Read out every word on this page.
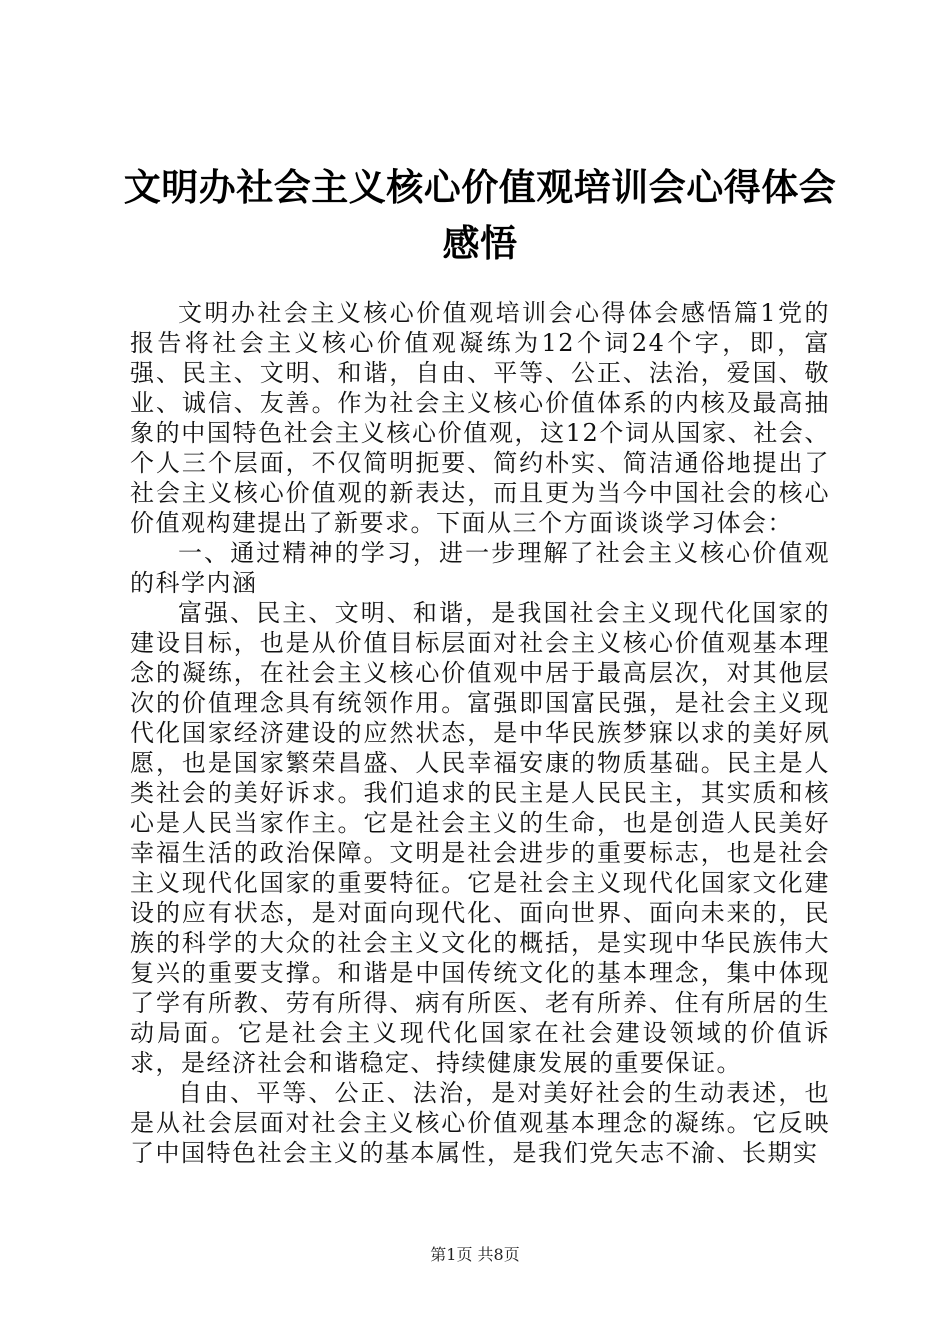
文明办社会主义核心价值观培训会心得体会感悟

文明办社会主义核心价值观培训会心得体会感悟篇1党的报告将社会主义核心价值观凝练为12个词24个字，即，富强、民主、文明、和谐，自由、平等、公正、法治，爱国、敬业、诚信、友善。作为社会主义核心价值体系的内核及最高抽象的中国特色社会主义核心价值观，这12个词从国家、社会、个人三个层面，不仅简明扼要、简约朴实、简洁通俗地提出了社会主义核心价值观的新表达，而且更为当今中国社会的核心价值观构建提出了新要求。下面从三个方面谈谈学习体会：

一、通过精神的学习，进一步理解了社会主义核心价值观的科学内涵

富强、民主、文明、和谐，是我国社会主义现代化国家的建设目标，也是从价值目标层面对社会主义核心价值观基本理念的凝练，在社会主义核心价值观中居于最高层次，对其他层次的价值理念具有统领作用。富强即国富民强，是社会主义现代化国家经济建设的应然状态，是中华民族梦寐以求的美好夙愿，也是国家繁荣昌盛、人民幸福安康的物质基础。民主是人类社会的美好诉求。我们追求的民主是人民民主，其实质和核心是人民当家作主。它是社会主义的生命，也是创造人民美好幸福生活的政治保障。文明是社会进步的重要标志，也是社会主义现代化国家的重要特征。它是社会主义现代化国家文化建设的应有状态，是对面向现代化、面向世界、面向未来的，民族的科学的大众的社会主义文化的概括，是实现中华民族伟大复兴的重要支撑。和谐是中国传统文化的基本理念，集中体现了学有所教、劳有所得、病有所医、老有所养、住有所居的生动局面。它是社会主义现代化国家在社会建设领域的价值诉求，是经济社会和谐稳定、持续健康发展的重要保证。

自由、平等、公正、法治，是对美好社会的生动表述，也是从社会层面对社会主义核心价值观基本理念的凝练。它反映了中国特色社会主义的基本属性，是我们党矢志不渝、长期实

第1页 共8页
